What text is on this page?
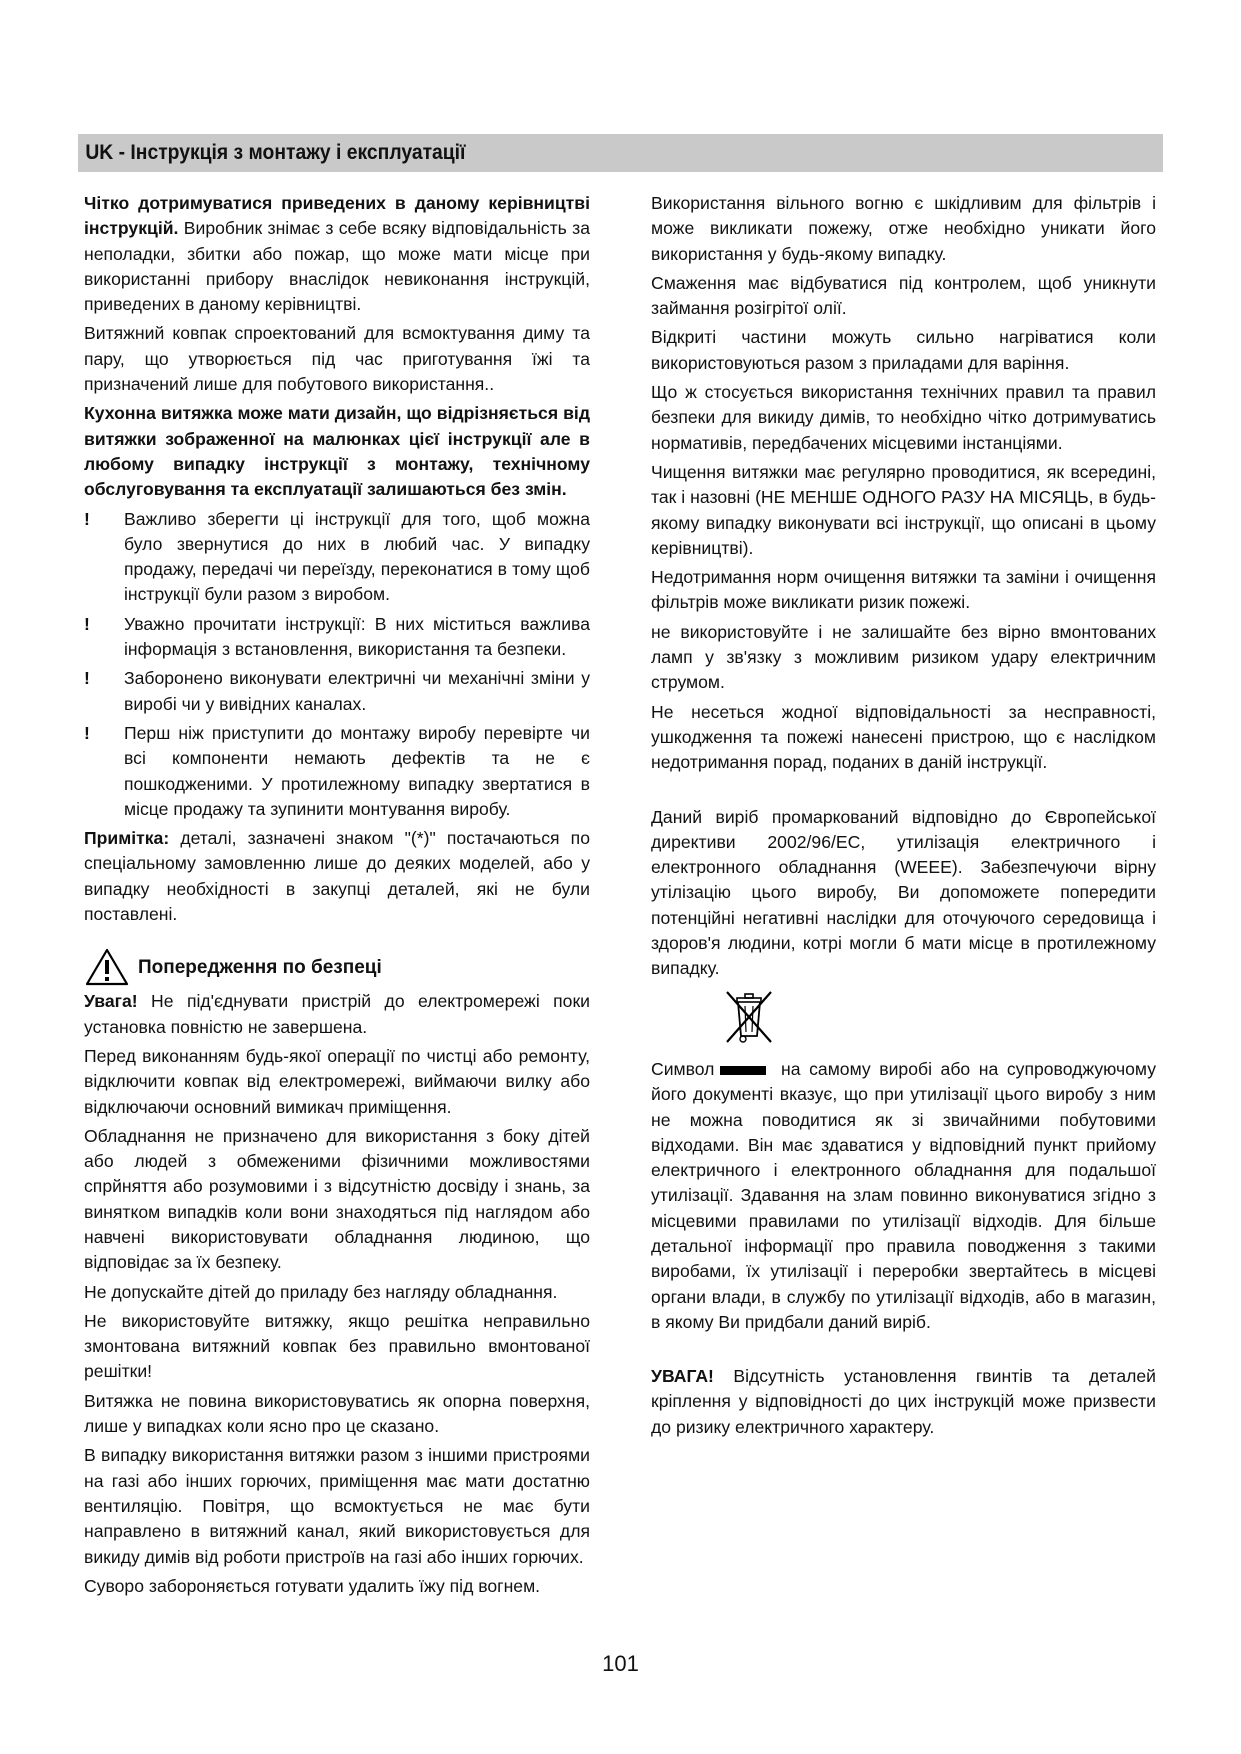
UK - Інструкція з монтажу і експлуатації

Чітко дотримуватися приведених в даному керівництві інструкцій. Виробник знімає з себе всяку відповідальність за неполадки, збитки або пожар, що може мати місце при використанні прибору внаслідок невиконання інструкцій, приведених в даному керівництві.

Витяжний ковпак спроектований для всмоктування диму та пару, що утворюється під час приготування їжі та призначений лише для побутового використання..

Кухонна витяжка може мати дизайн, що відрізняється від витяжки зображенної на малюнках цієї інструкції але в любому випадку інструкції з монтажу, технічному обслуговування та експлуатації залишаються без змін.

!	Важливо зберегти ці інструкції для того, щоб можна було звернутися до них в любий час. У випадку продажу, передачі чи переїзду, переконатися в тому щоб інструкції були разом з виробом.
!	Уважно прочитати інструкції: В них міститься важлива інформація з встановлення, використання та безпеки.
!	Заборонено виконувати електричні чи механічні зміни у виробі чи у вивідних каналах.
!	Перш ніж приступити до монтажу виробу перевірте чи всі компоненти немають дефектів та не є пошкодженими. У протилежному випадку звертатися в місце продажу та зупинити монтування виробу.

Примітка: деталі, зазначені знаком "(*)" постачаються по спеціальному замовленню лише до деяких моделей, або у випадку необхідності в закупці деталей, які не були поставлені.

Попередження по безпеці

Увага! Не під'єднувати пристрій до електромережі поки установка повністю не завершена.

Перед виконанням будь-якої операції по чистці або ремонту, відключити ковпак від електромережі, виймаючи вилку або відключаючи основний вимикач приміщення.

Обладнання не призначено для використання з боку дітей або людей з обмеженими фізичними можливостями спрйняття або розумовими і з відсутністю досвіду і знань, за винятком випадків коли вони знаходяться під наглядом або навчені використовувати обладнання людиною, що відповідає за їх безпеку.

Не допускайте дітей до приладу без нагляду обладнання.

Не використовуйте витяжку, якщо решітка неправильно змонтована витяжний ковпак без правильно вмонтованої решітки!

Витяжка не повина використовуватись як опорна поверхня, лише у випадках коли ясно про це сказано.

В випадку використання витяжки разом з іншими пристроями на газі або інших горючих, приміщення має мати достатню вентиляцію. Повітря, що всмоктується не має бути направлено в витяжний канал, який використовується для викиду димів від роботи пристроїв на газі або інших горючих.

Суворо забороняється готувати удалить їжу під вогнем.

Використання вільного вогню є шкідливим для фільтрів і може викликати пожежу, отже необхідно уникати його використання у будь-якому випадку.

Смаження має відбуватися під контролем, щоб уникнути займання розігрітої олії.

Відкриті частини можуть сильно нагріватися коли використовуються разом з приладами для варіння.

Що ж стосується використання технічних правил та правил безпеки для викиду димів, то необхідно чітко дотримуватись нормативів, передбачених місцевими інстанціями.

Чищення витяжки має регулярно проводитися, як всередині, так і назовні (НЕ МЕНШЕ ОДНОГО РАЗУ НА МІСЯЦЬ, в будь-якому випадку виконувати всі інструкції, що описані в цьому керівництві).

Недотримання норм очищення витяжки та заміни і очищення фільтрів може викликати ризик пожежі.

не використовуйте і не залишайте без вірно вмонтованих ламп у зв'язку з можливим ризиком удару електричним струмом.

Не несеться жодної відповідальності за несправності, ушкодження та пожежі нанесені пристрою, що є наслідком недотримання порад, поданих в даній інструкції.

Даний виріб промаркований відповідно до Європейської директиви 2002/96/EC, утилізація електричного і електронного обладнання (WEEE). Забезпечуючи вірну утілізацію цього виробу, Ви допоможете попередити потенційні негативні наслідки для оточуючого середовища і здоров'я людини, котрі могли б мати місце в протилежному випадку.

Символ	на самому виробі або на супроводжуючому його документі вказує, що при утилізації цього виробу з ним не можна поводитися як зі звичайними побутовими відходами. Він має здаватися у відповідний пункт прийому електричного і електронного обладнання для подальшої утилізації. Здавання на злам повинно виконуватися згідно з місцевими правилами по утилізації відходів. Для більше детальної інформації про правила поводження з такими виробами, їх утилізації і переробки звертайтесь в місцеві органи влади, в службу по утилізації відходів, або в магазин, в якому Ви придбали даний виріб.

УВАГА! Відсутність установлення гвинтів та деталей кріплення у відповідності до цих інструкцій може призвести до ризику електричного характеру.

101
